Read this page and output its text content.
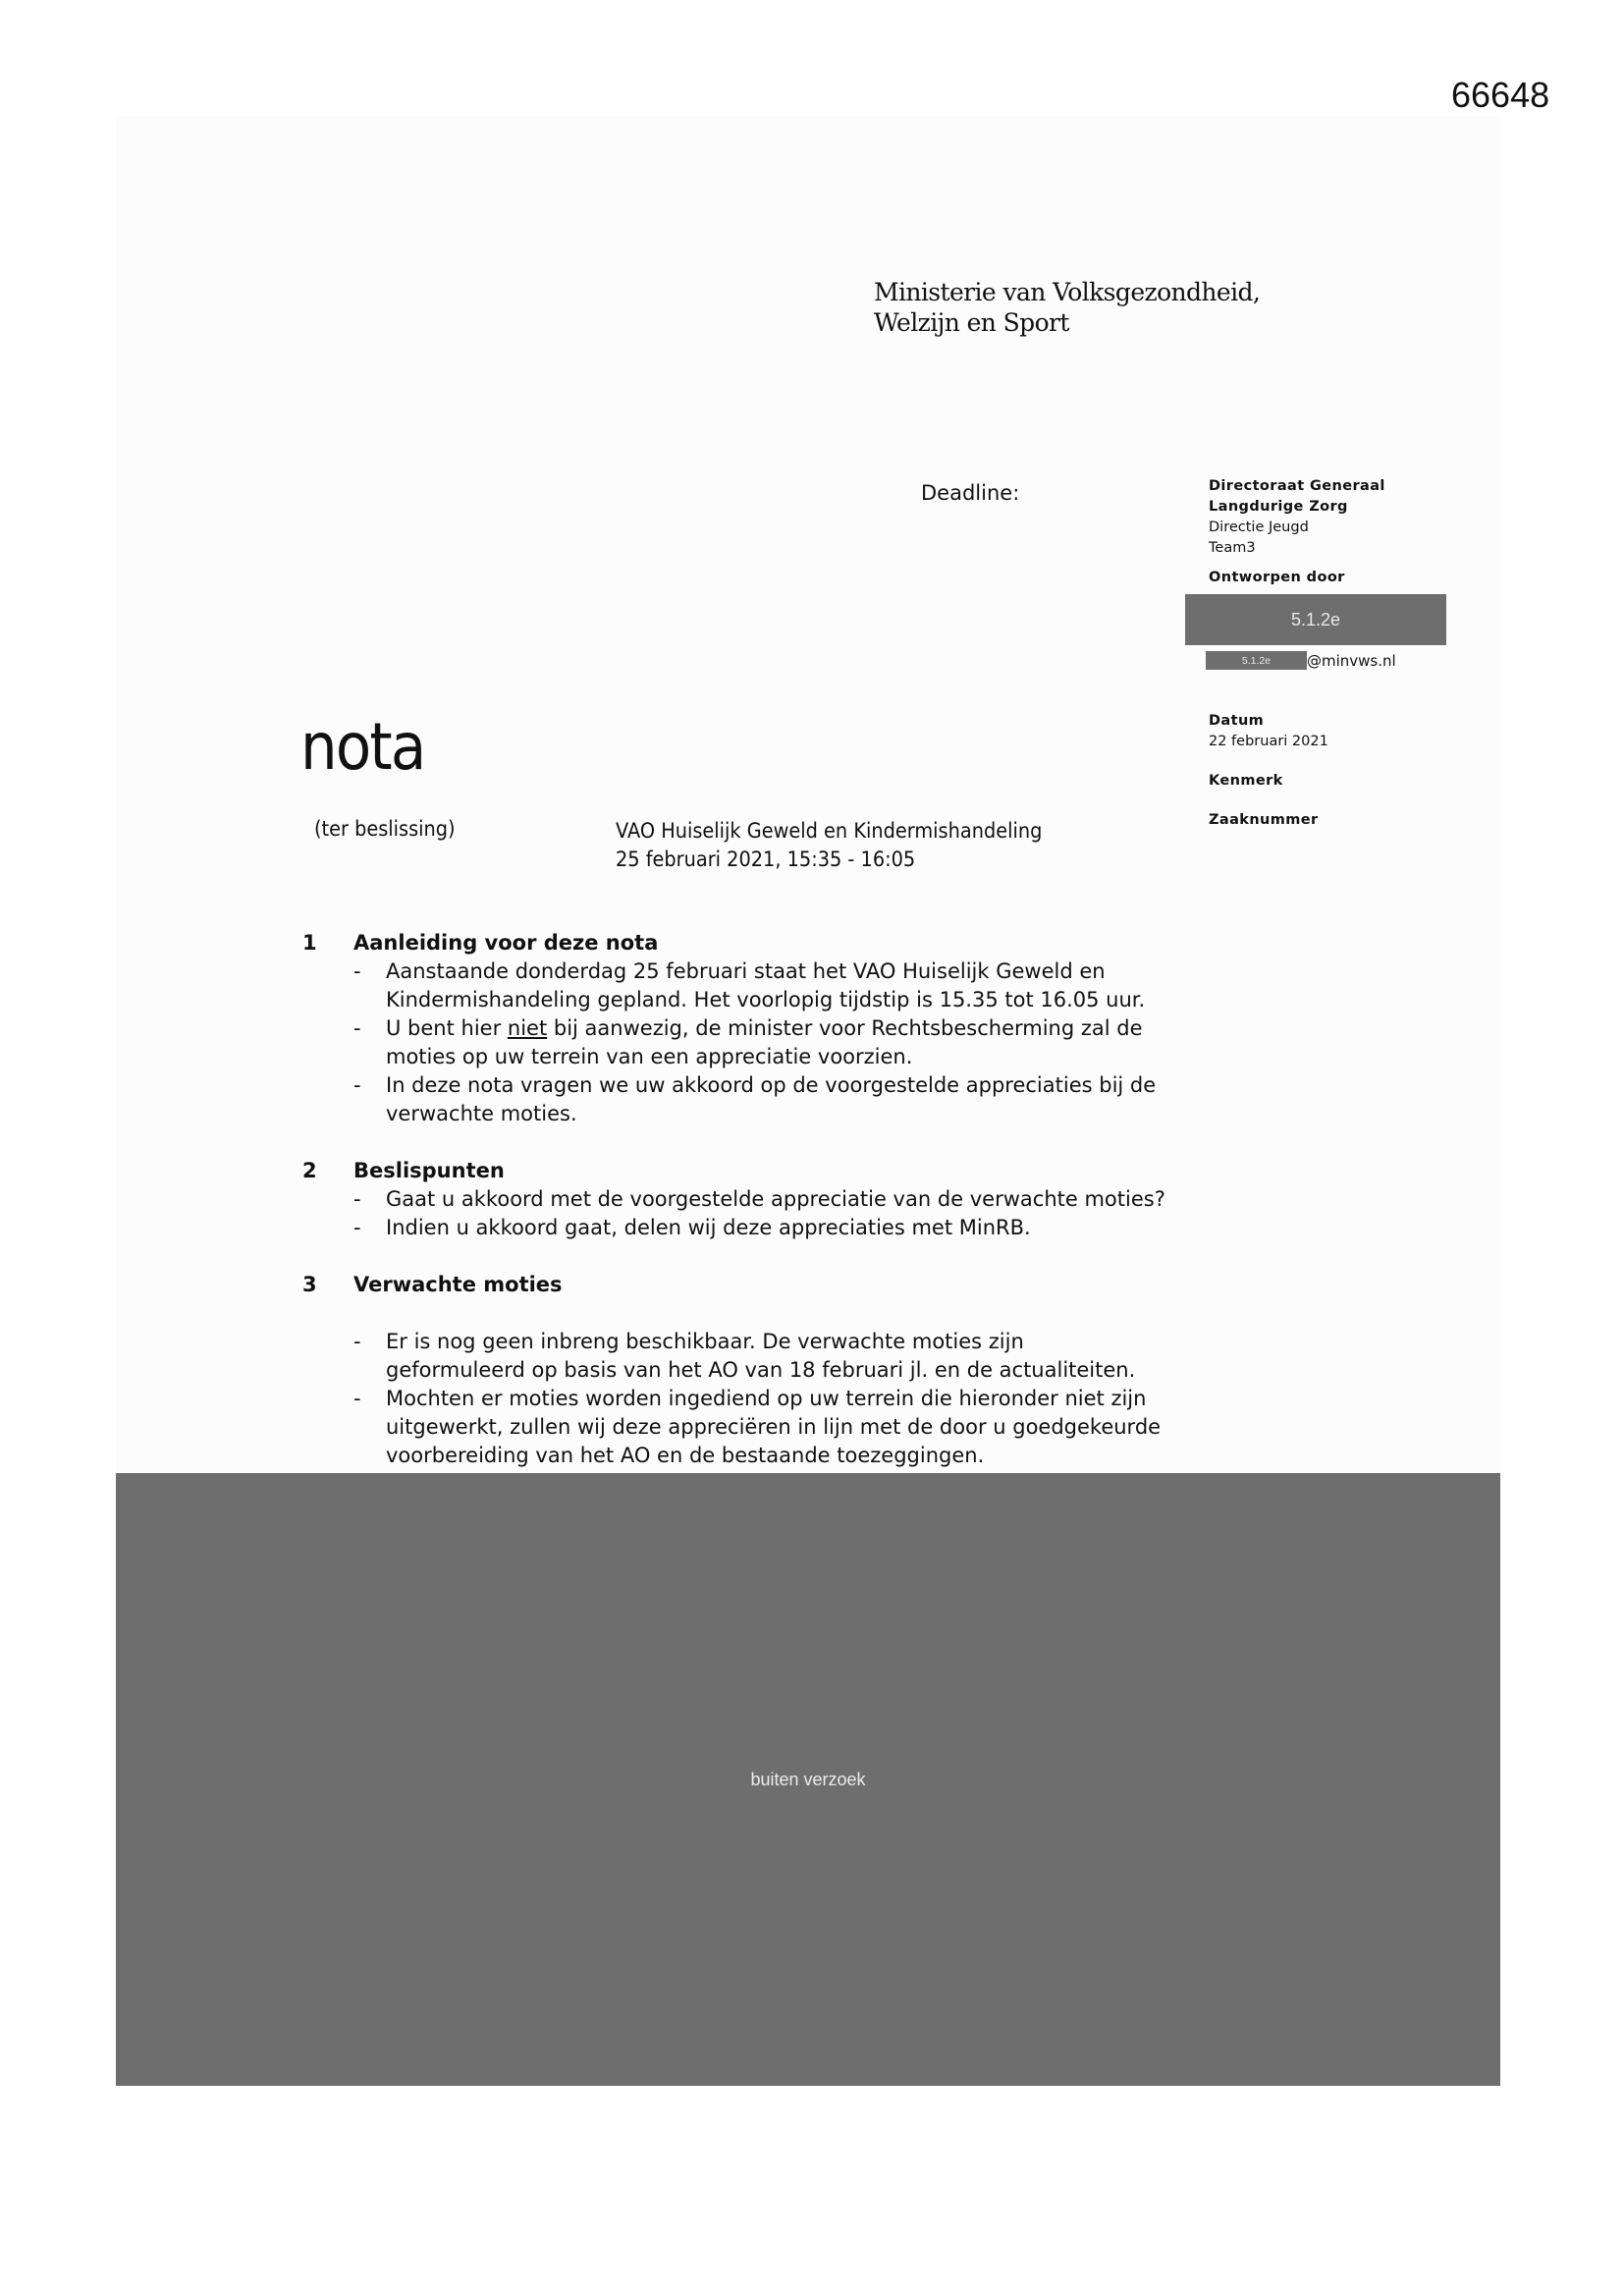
66648
Ministerie van Volksgezondheid,
Welzijn en Sport
Deadline:	Directoraat Generaal
Langdurige Zorg
Directie Jeugd
Team3
Ontworpen door
5.1.2e
5.1.2e	@minvws.nl
Datum
22 februari 2021
Kenmerk
Zaaknummer
nota
(ter beslissing)	VAO Huiselijk Geweld en Kindermishandeling
25 februari 2021, 15:35 - 16:05
1	Aanleiding voor deze nota
-	Aanstaande donderdag 25 februari staat het VAO Huiselijk Geweld en
Kindermishandeling gepland. Het voorlopig tijdstip is 15.35 tot 16.05 uur.
-	U bent hier niet bij aanwezig, de minister voor Rechtsbescherming zal de
moties op uw terrein van een appreciatie voorzien.
-	In deze nota vragen we uw akkoord op de voorgestelde appreciaties bij de
verwachte moties.
2	Beslispunten
-	Gaat u akkoord met de voorgestelde appreciatie van de verwachte moties?
-	Indien u akkoord gaat, delen wij deze appreciaties met MinRB.
3	Verwachte moties
-	Er is nog geen inbreng beschikbaar. De verwachte moties zijn
geformuleerd op basis van het AO van 18 februari jl. en de actualiteiten.
-	Mochten er moties worden ingediend op uw terrein die hieronder niet zijn
uitgewerkt, zullen wij deze appreciëren in lijn met de door u goedgekeurde
voorbereiding van het AO en de bestaande toezeggingen.
buiten verzoek
